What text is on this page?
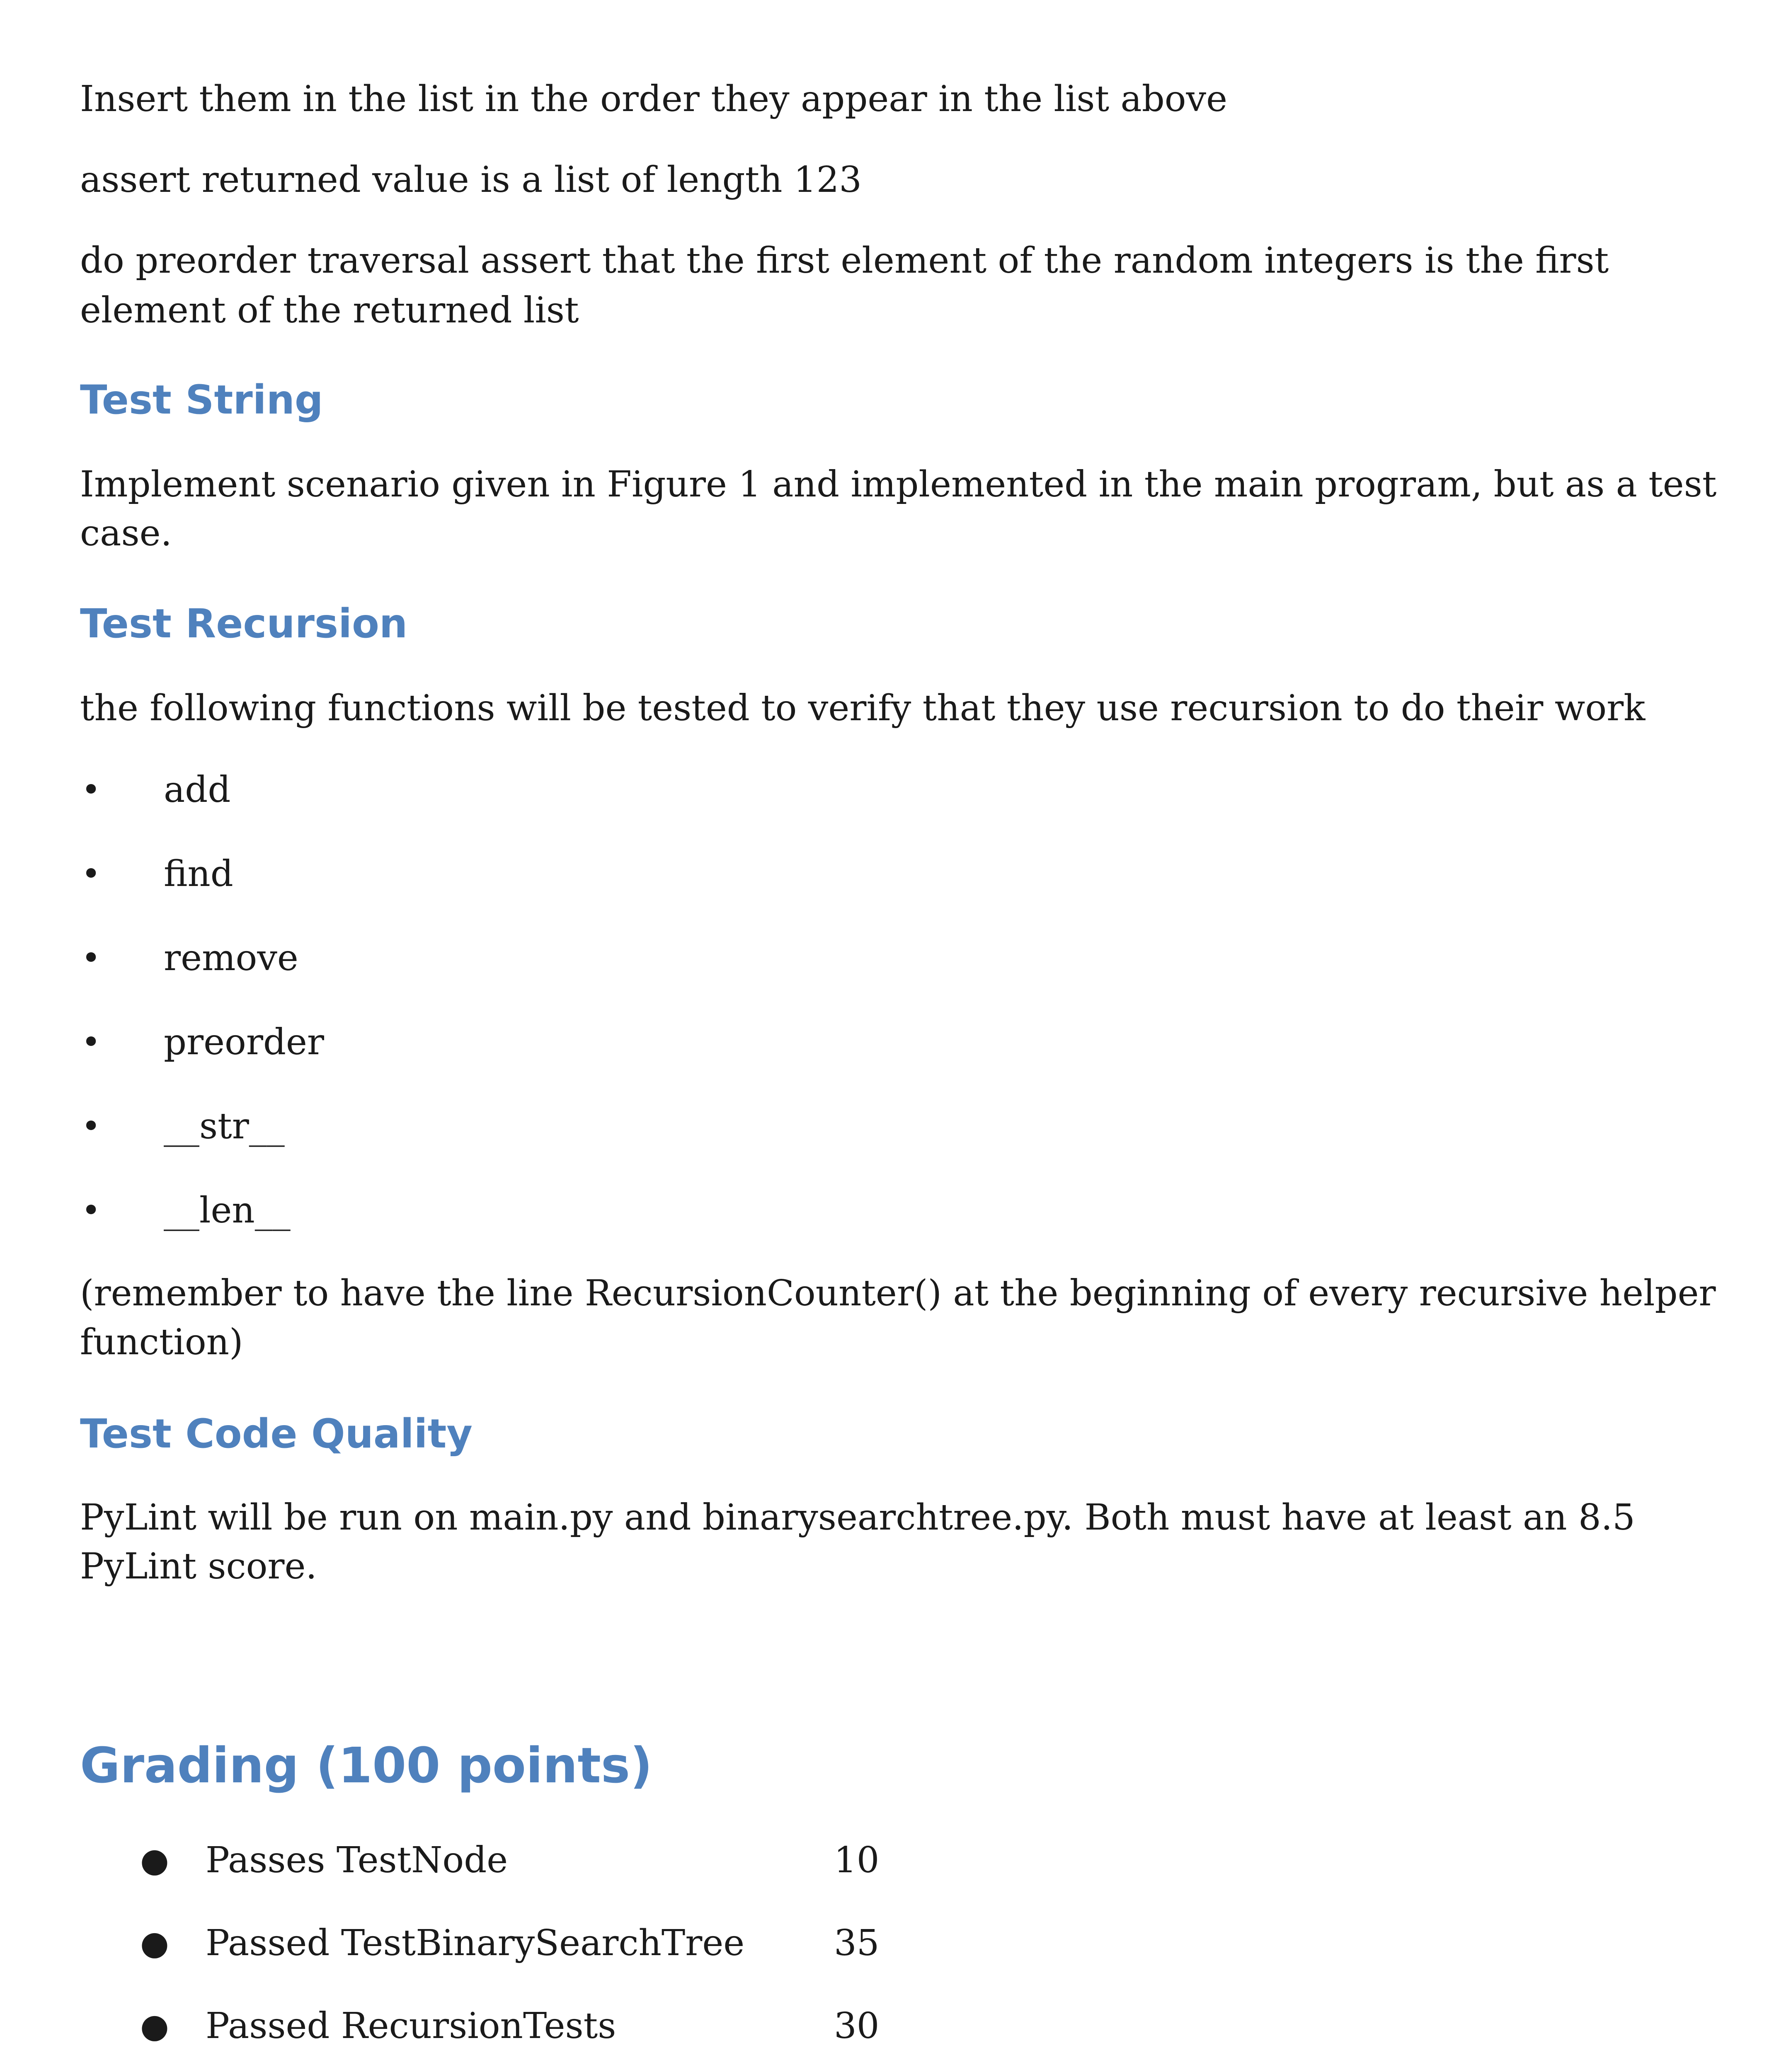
Insert them in the list in the order they appear in the list above
assert returned value is a list of length 123
do preorder traversal assert that the first element of the random integers is the first
element of the returned list
Test String
Implement scenario given in Figure 1 and implemented in the main program, but as a test
case.
Test Recursion
the following functions will be tested to verify that they use recursion to do their work
• add
• find
• remove
• preorder
• __str__
• __len__
(remember to have the line RecursionCounter() at the beginning of every recursive helper
function)
Test Code Quality
PyLint will be run on main.py and binarysearchtree.py. Both must have at least an 8.5
PyLint score.
Grading (100 points)
● Passes TestNode	10
● Passed TestBinarySearchTree	35
● Passed RecursionTests	30
